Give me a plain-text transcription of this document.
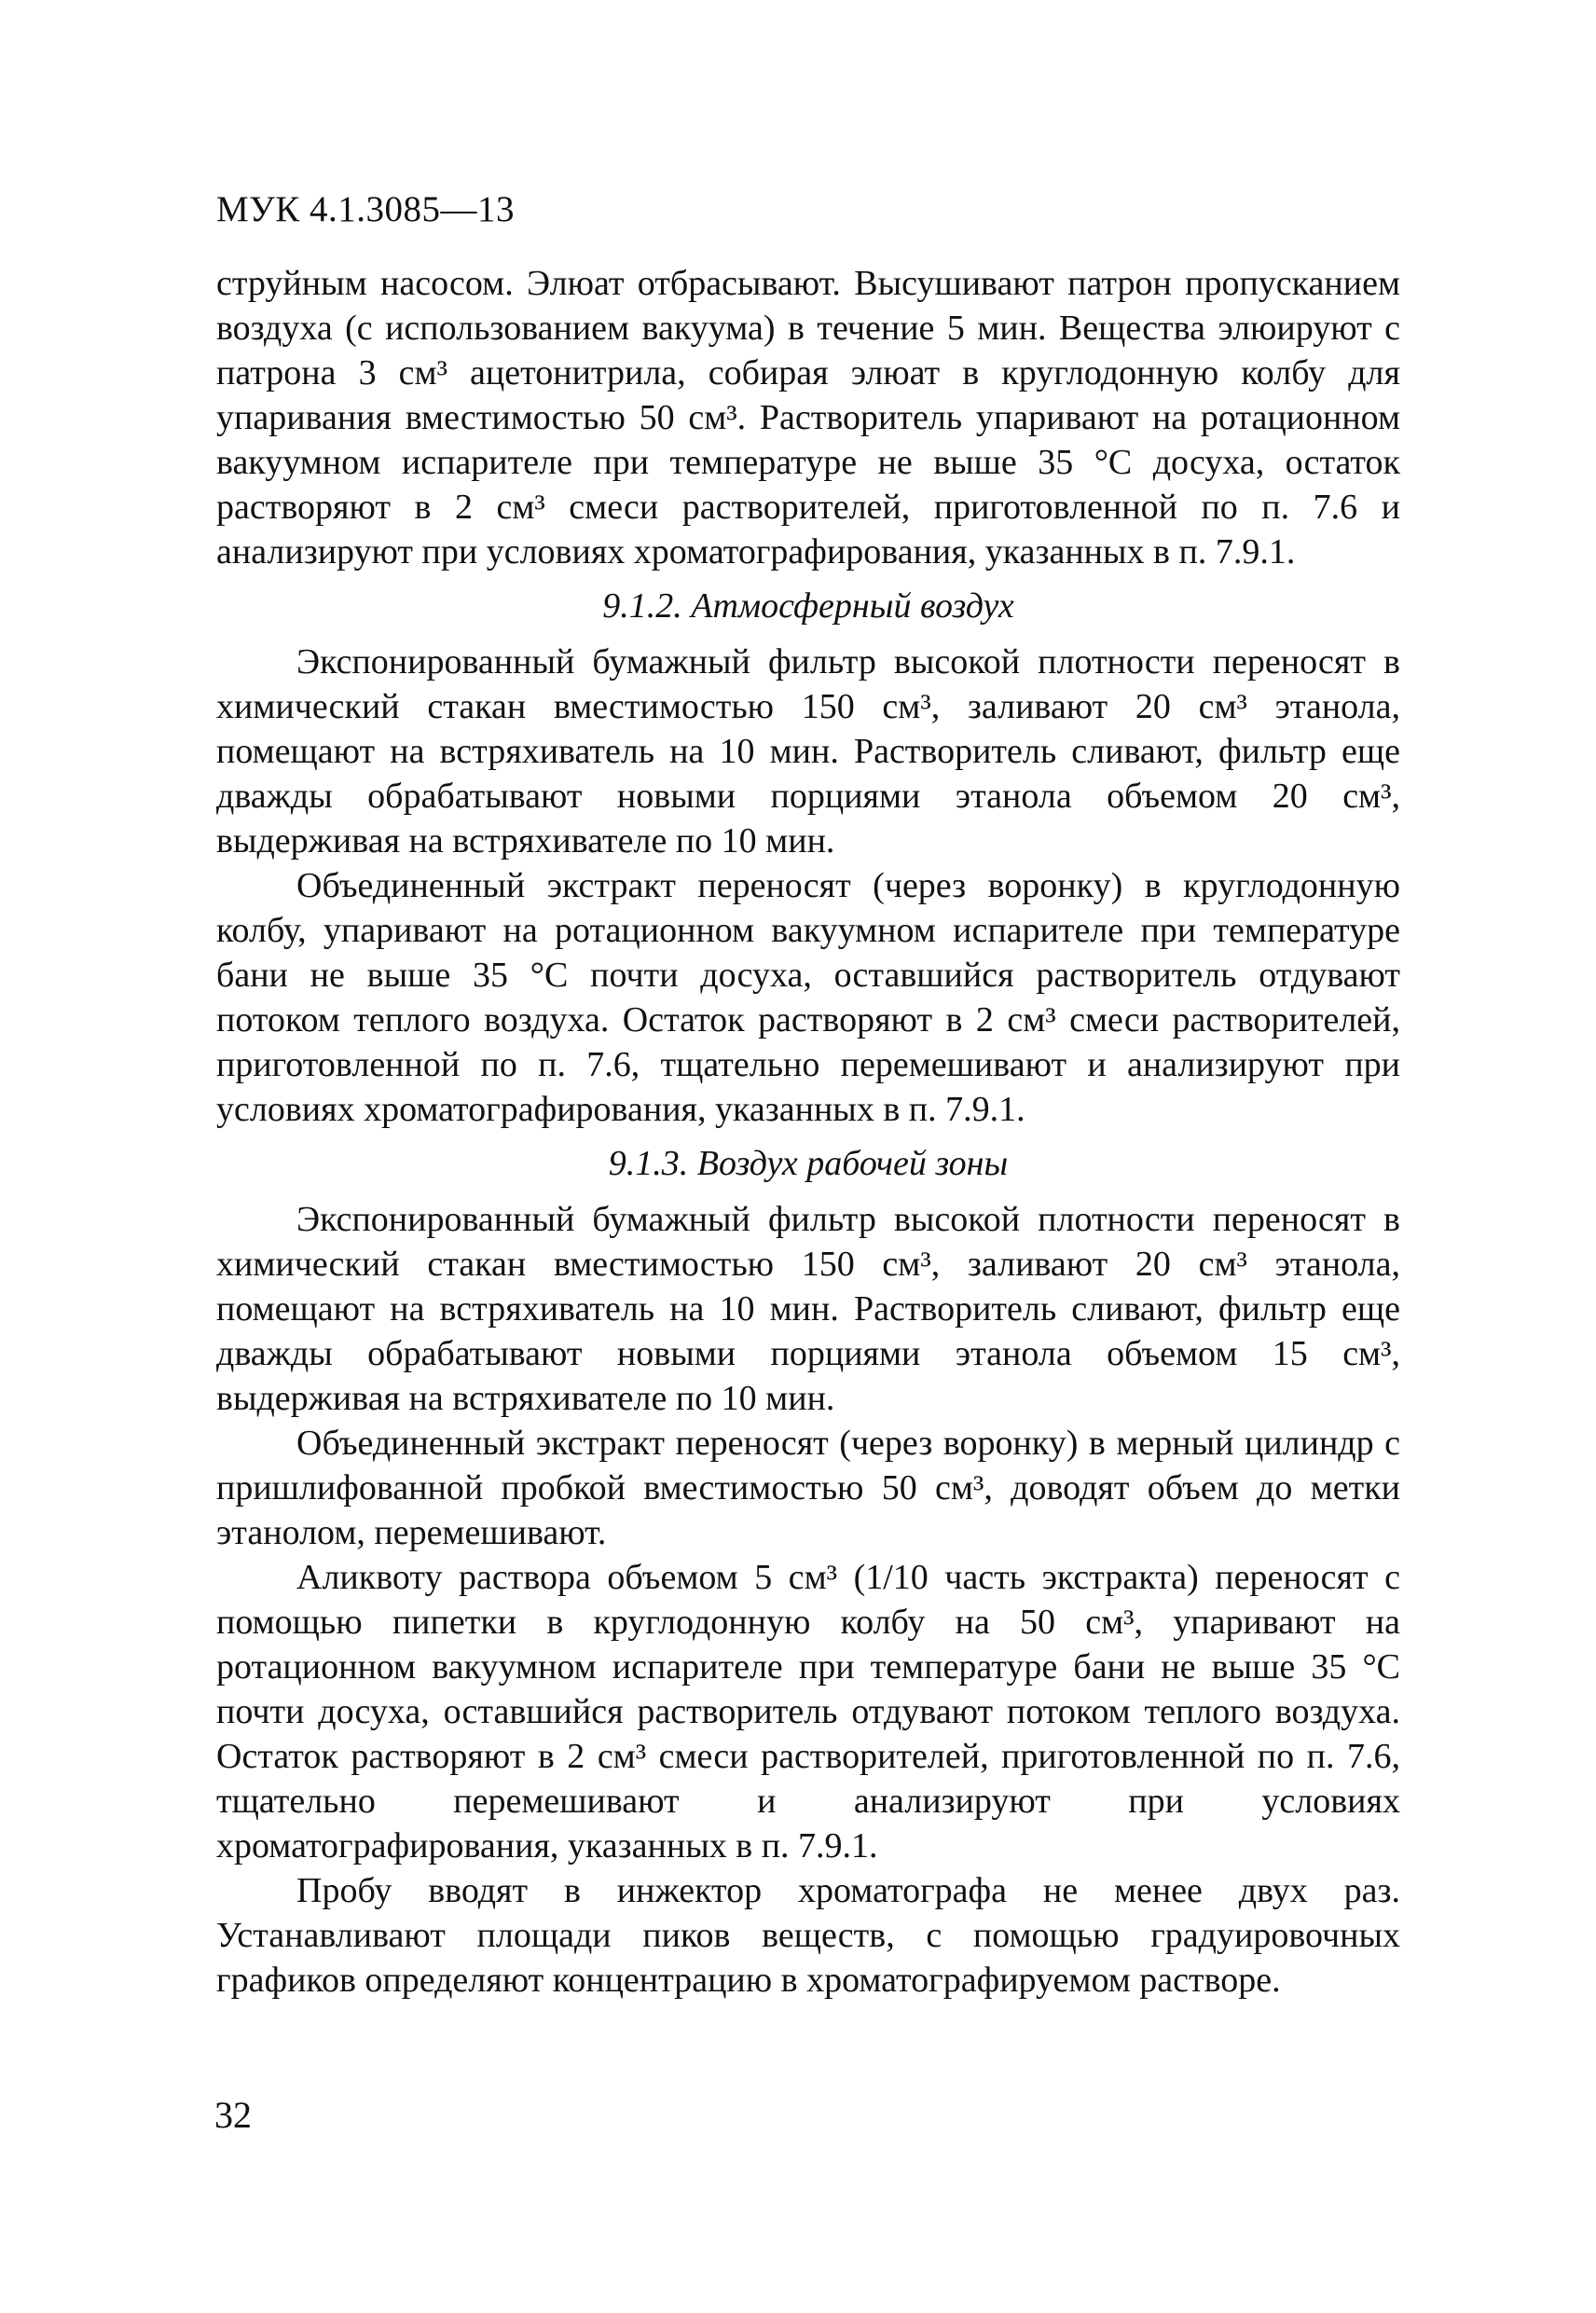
МУК 4.1.3085—13

струйным насосом. Элюат отбрасывают. Высушивают патрон пропусканием воздуха (с использованием вакуума) в течение 5 мин. Вещества элюируют с патрона 3 см³ ацетонитрила, собирая элюат в круглодонную колбу для упаривания вместимостью 50 см³. Растворитель упаривают на ротационном вакуумном испарителе при температуре не выше 35 °С досуха, остаток растворяют в 2 см³ смеси растворителей, приготовленной по п. 7.6 и анализируют при условиях хроматографирования, указанных в п. 7.9.1.

9.1.2. Атмосферный воздух

Экспонированный бумажный фильтр высокой плотности переносят в химический стакан вместимостью 150 см³, заливают 20 см³ этанола, помещают на встряхиватель на 10 мин. Растворитель сливают, фильтр еще дважды обрабатывают новыми порциями этанола объемом 20 см³, выдерживая на встряхивателе по 10 мин.

Объединенный экстракт переносят (через воронку) в круглодонную колбу, упаривают на ротационном вакуумном испарителе при температуре бани не выше 35 °С почти досуха, оставшийся растворитель отдувают потоком теплого воздуха. Остаток растворяют в 2 см³ смеси растворителей, приготовленной по п. 7.6, тщательно перемешивают и анализируют при условиях хроматографирования, указанных в п. 7.9.1.

9.1.3. Воздух рабочей зоны

Экспонированный бумажный фильтр высокой плотности переносят в химический стакан вместимостью 150 см³, заливают 20 см³ этанола, помещают на встряхиватель на 10 мин. Растворитель сливают, фильтр еще дважды обрабатывают новыми порциями этанола объемом 15 см³, выдерживая на встряхивателе по 10 мин.

Объединенный экстракт переносят (через воронку) в мерный цилиндр с пришлифованной пробкой вместимостью 50 см³, доводят объем до метки этанолом, перемешивают.

Аликвоту раствора объемом 5 см³ (1/10 часть экстракта) переносят с помощью пипетки в круглодонную колбу на 50 см³, упаривают на ротационном вакуумном испарителе при температуре бани не выше 35 °С почти досуха, оставшийся растворитель отдувают потоком теплого воздуха. Остаток растворяют в 2 см³ смеси растворителей, приготовленной по п. 7.6, тщательно перемешивают и анализируют при условиях хроматографирования, указанных в п. 7.9.1.

Пробу вводят в инжектор хроматографа не менее двух раз. Устанавливают площади пиков веществ, с помощью градуировочных графиков определяют концентрацию в хроматографируемом растворе.

32
